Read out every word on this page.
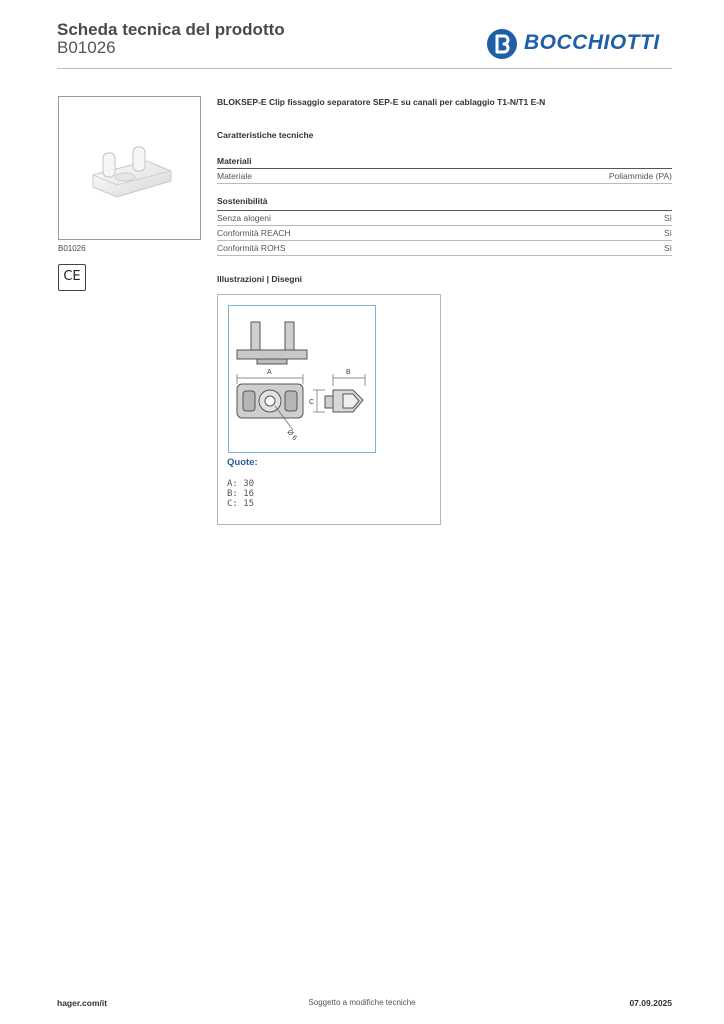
Scheda tecnica del prodotto
B01026	BOCCHIOTTI
B01026
CE
BLOKSEP-E Clip fissaggio separatore SEP-E su canali per cablaggio T1-N/T1 E-N
Caratteristiche tecniche
Materiali
Materiale	Poliammide (PA)
Sostenibilità
Senza alogeni	Sì
Conformità REACH	Sì
Conformità ROHS	Sì
Illustrazioni | Disegni
A	B
C
Ø 6
Quote:
A: 30
B: 16
C: 15
hager.com/it	Soggetto a modifiche tecniche	07.09.2025
